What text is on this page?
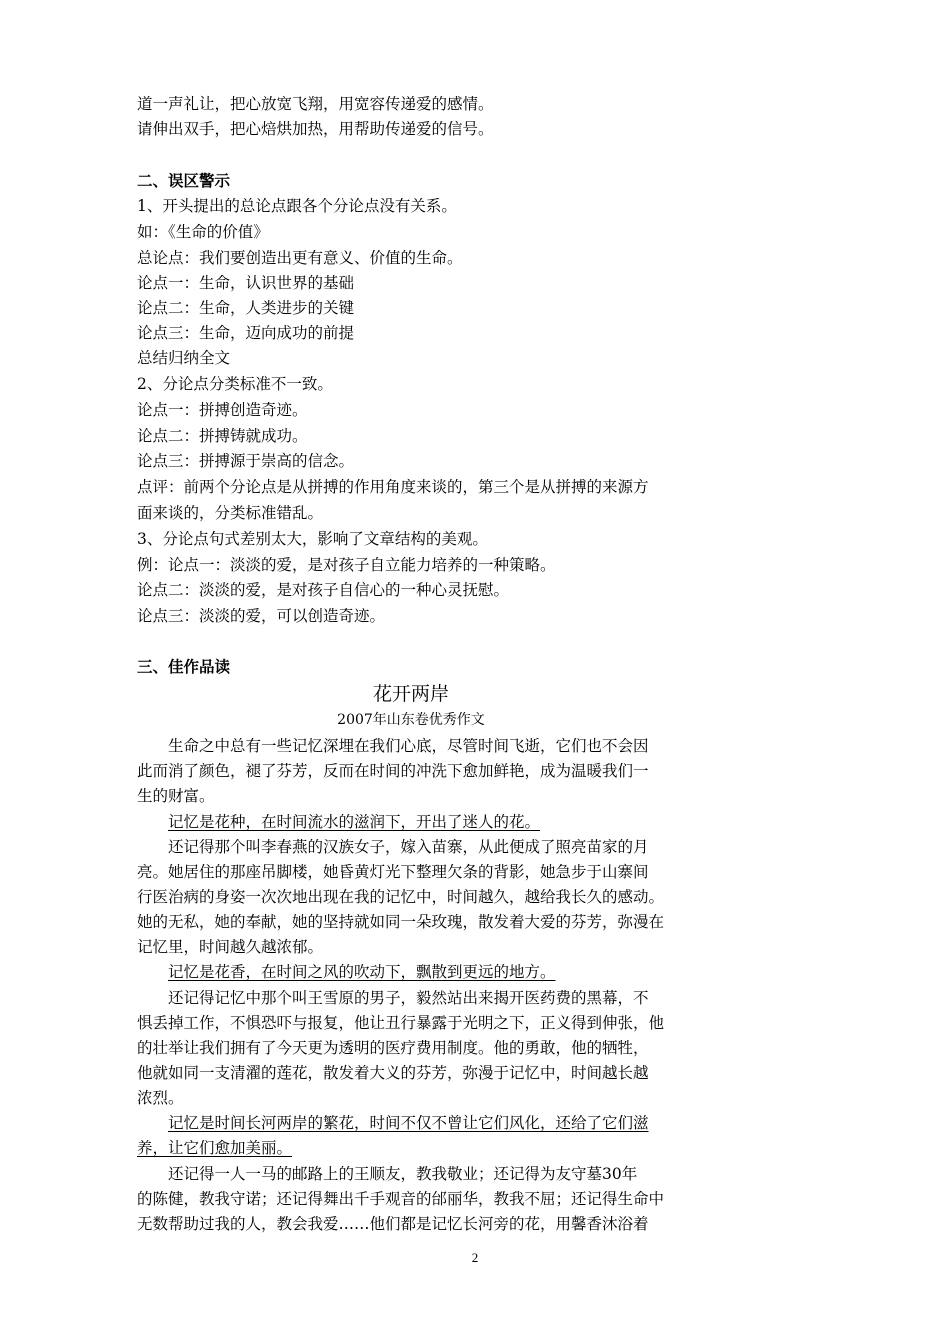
道一声礼让，把心放宽飞翔，用宽容传递爱的感情。
请伸出双手，把心焙烘加热，用帮助传递爱的信号。
二、误区警示
1、开头提出的总论点跟各个分论点没有关系。
如：《生命的价值》
总论点：我们要创造出更有意义、价值的生命。
论点一：生命，认识世界的基础
论点二：生命，人类进步的关键
论点三：生命，迈向成功的前提
总结归纳全文
2、分论点分类标准不一致。
论点一：拼搏创造奇迹。
论点二：拼搏铸就成功。
论点三：拼搏源于崇高的信念。
点评：前两个分论点是从拼搏的作用角度来谈的，第三个是从拼搏的来源方
面来谈的，分类标准错乱。
3、分论点句式差别太大，影响了文章结构的美观。
例：论点一：淡淡的爱，是对孩子自立能力培养的一种策略。
论点二：淡淡的爱，是对孩子自信心的一种心灵抚慰。
论点三：淡淡的爱，可以创造奇迹。
三、佳作品读
花开两岸
2007年山东卷优秀作文
生命之中总有一些记忆深埋在我们心底，尽管时间飞逝，它们也不会因
此而消了颜色，褪了芬芳，反而在时间的冲洗下愈加鲜艳，成为温暖我们一
生的财富。
记忆是花种，在时间流水的滋润下，开出了迷人的花。
还记得那个叫李春燕的汉族女子，嫁入苗寨，从此便成了照亮苗家的月
亮。她居住的那座吊脚楼，她昏黄灯光下整理欠条的背影，她急步于山寨间
行医治病的身姿一次次地出现在我的记忆中，时间越久，越给我长久的感动。
她的无私，她的奉献，她的坚持就如同一朵玫瑰，散发着大爱的芬芳，弥漫在
记忆里，时间越久越浓郁。
记忆是花香，在时间之风的吹动下，飘散到更远的地方。
还记得记忆中那个叫王雪原的男子，毅然站出来揭开医药费的黑幕，不
惧丢掉工作，不惧恐吓与报复，他让丑行暴露于光明之下，正义得到伸张，他
的壮举让我们拥有了今天更为透明的医疗费用制度。他的勇敢，他的牺牲，
他就如同一支清濯的莲花，散发着大义的芬芳，弥漫于记忆中，时间越长越
浓烈。
记忆是时间长河两岸的繁花，时间不仅不曾让它们风化，还给了它们滋
养，让它们愈加美丽。
还记得一人一马的邮路上的王顺友，教我敬业；还记得为友守墓30年
的陈健，教我守诺；还记得舞出千手观音的邰丽华，教我不屈；还记得生命中
无数帮助过我的人，教会我爱……他们都是记忆长河旁的花，用馨香沐浴着
2
